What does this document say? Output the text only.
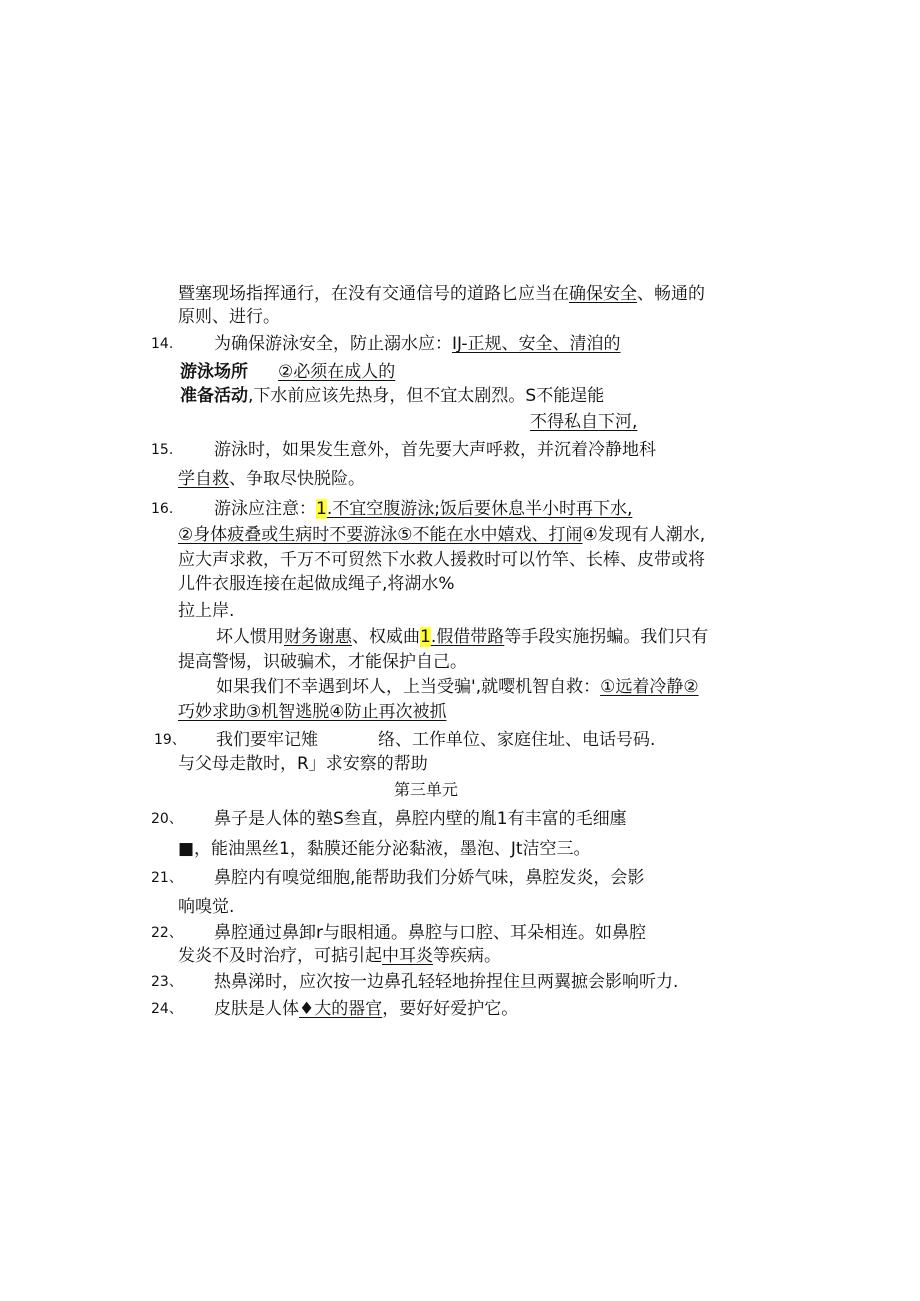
暨塞现场指挥通行，在没有交通信号的道路匕应当在确保安全、畅通的
原则、进行。
14. 为确保游泳安全，防止溺水应：IJ-正规、安全、清洎的
游泳场所 ②必须在成人的
准备活动,下水前应该先热身，但不宜太剧烈。S不能逞能
不得私自下河,
15. 游泳时，如果发生意外，首先要大声呼救，并沉着冷静地科
学自救、争取尽快脱险。
16. 游泳应注意：1.不宜空腹游泳;饭后要休息半小时再下水,
②身体疲叠或生病时不要游泳⑤不能在水中嬉戏、打闹④发现有人潮水,
应大声求救，千万不可贸然下水救人援救时可以竹竿、长棒、皮带或将
儿件衣服连接在起做成绳子,将湖水%
拉上岸.
坏人惯用财务谢惠、权威曲1.假借带路等手段实施拐蝙。我们只有
提高警惕，识破骗术，才能保护自己。
如果我们不幸遇到坏人，上当受骗',就嘤机智自救：①远着冷静②
巧妙求助③机智逃脱④防止再次被抓
19、 我们要牢记雉	络、工作单位、家庭住址、电话号码.
与父母走散时，R」求安察的帮助
第三单元
20、 鼻子是人体的塾S叁直，鼻腔内壁的胤1有丰富的毛细廛
■，能油黑丝1，黏膜还能分泌黏液，墨泡、Jt洁空三。
21、 鼻腔内有嗅觉细胞,能帮助我们分娇气味，鼻腔发炎，会影
响嗅觉.
22、 鼻腔通过鼻卸r与眼相通。鼻腔与口腔、耳朵相连。如鼻腔
发炎不及时治疗，可掂引起中耳炎等疾病。
23、 热鼻涕时，应次按一边鼻孔轻轻地拚捏住旦两翼摭会影响听力.
24、 皮肤是人体♦大的器官，要好好爱护它。
